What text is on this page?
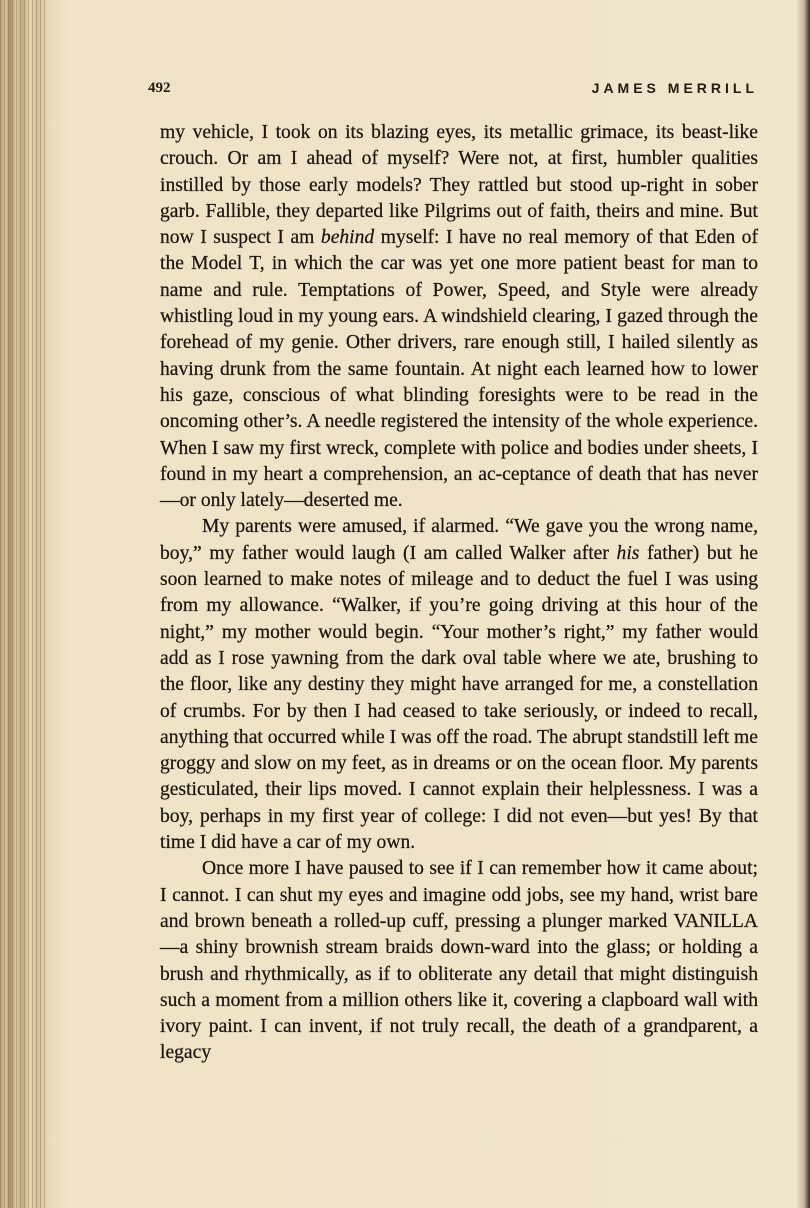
492	JAMES MERRILL

my vehicle, I took on its blazing eyes, its metallic grimace, its beast-like crouch. Or am I ahead of myself? Were not, at first, humbler qualities instilled by those early models? They rattled but stood up-right in sober garb. Fallible, they departed like Pilgrims out of faith, theirs and mine. But now I suspect I am behind myself: I have no real memory of that Eden of the Model T, in which the car was yet one more patient beast for man to name and rule. Temptations of Power, Speed, and Style were already whistling loud in my young ears. A windshield clearing, I gazed through the forehead of my genie. Other drivers, rare enough still, I hailed silently as having drunk from the same fountain. At night each learned how to lower his gaze, conscious of what blinding foresights were to be read in the oncoming other’s. A needle registered the intensity of the whole experience. When I saw my first wreck, complete with police and bodies under sheets, I found in my heart a comprehension, an ac-ceptance of death that has never—or only lately—deserted me.

My parents were amused, if alarmed. “We gave you the wrong name, boy,” my father would laugh (I am called Walker after his father) but he soon learned to make notes of mileage and to deduct the fuel I was using from my allowance. “Walker, if you’re going driving at this hour of the night,” my mother would begin. “Your mother’s right,” my father would add as I rose yawning from the dark oval table where we ate, brushing to the floor, like any destiny they might have arranged for me, a constellation of crumbs. For by then I had ceased to take seriously, or indeed to recall, anything that occurred while I was off the road. The abrupt standstill left me groggy and slow on my feet, as in dreams or on the ocean floor. My parents gesticulated, their lips moved. I cannot explain their helplessness. I was a boy, perhaps in my first year of college: I did not even—but yes! By that time I did have a car of my own.

Once more I have paused to see if I can remember how it came about; I cannot. I can shut my eyes and imagine odd jobs, see my hand, wrist bare and brown beneath a rolled-up cuff, pressing a plunger marked VANILLA—a shiny brownish stream braids down-ward into the glass; or holding a brush and rhythmically, as if to obliterate any detail that might distinguish such a moment from a million others like it, covering a clapboard wall with ivory paint. I can invent, if not truly recall, the death of a grandparent, a legacy
